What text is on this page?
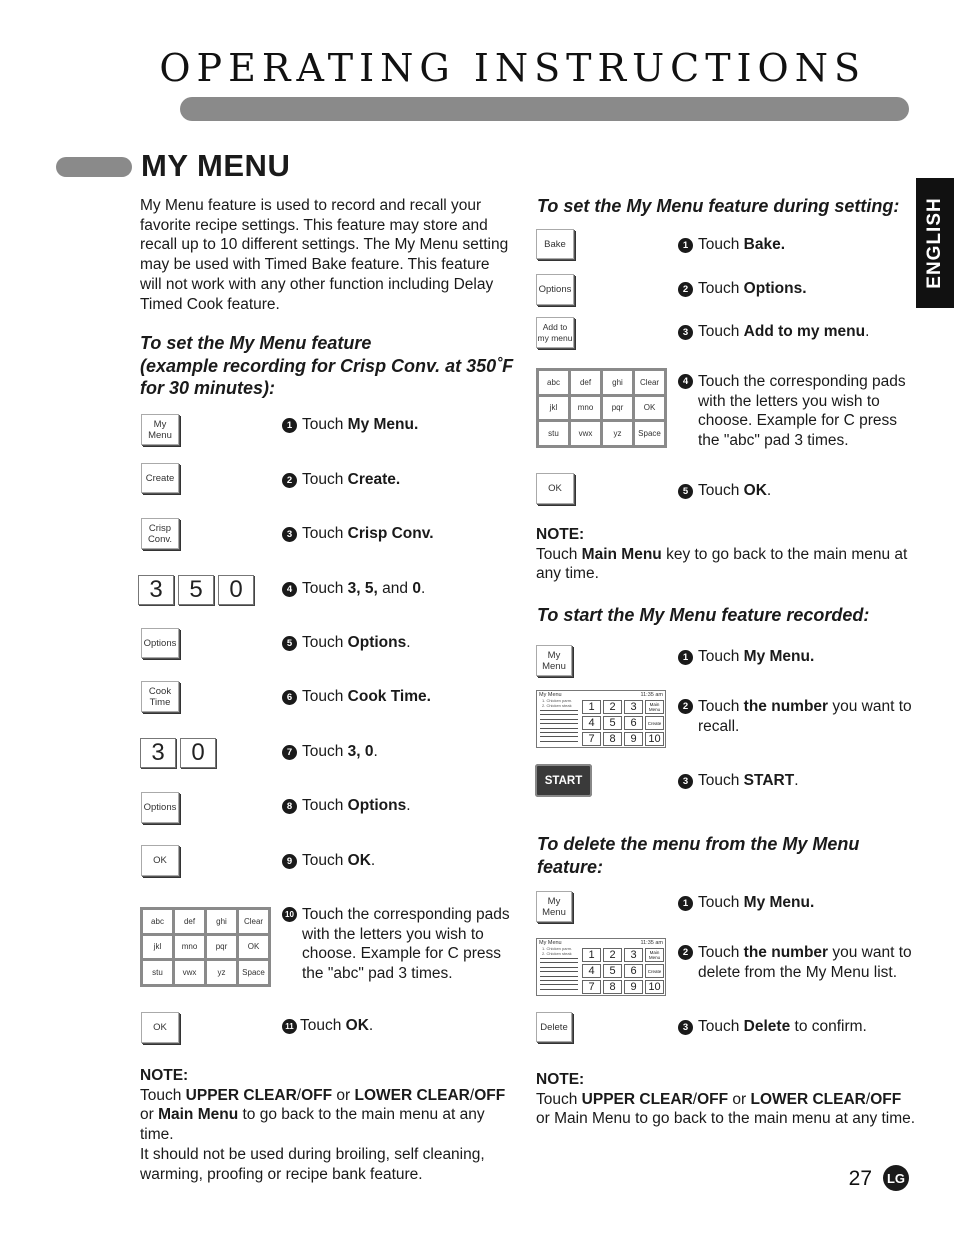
OPERATING INSTRUCTIONS
MY MENU
ENGLISH
My Menu feature is used to record and recall your favorite recipe settings. This feature may store and recall up to 10 different settings. The My Menu setting may be used with Timed Bake feature. This feature will not work with any other function including Delay Timed Cook feature.
To set the My Menu feature
(example recording for Crisp Conv. at 350˚F
for 30 minutes):
My Menu
Create
Crisp Conv.
3	5	0
Options
Cook Time
3	0
Options
OK
abc	def	ghi	Clear
jkl	mno	pqr	OK
stu	vwx	yz	Space
OK
1 Touch My Menu.
2 Touch Create.
3 Touch Crisp Conv.
4 Touch 3, 5, and 0.
5 Touch Options.
6 Touch Cook Time.
7 Touch 3, 0.
8 Touch Options.
9 Touch OK.
10 Touch the corresponding pads with the letters you wish to choose. Example for C press the "abc" pad 3 times.
11 Touch OK.
NOTE:
Touch UPPER CLEAR/OFF or LOWER CLEAR/OFF
or Main Menu to go back to the main menu at any time.
It should not be used during broiling, self cleaning, warming, proofing or recipe bank feature.
To set the My Menu feature during setting:
Bake
Options
Add to my menu
abc	def	ghi	Clear
jkl	mno	pqr	OK
stu	vwx	yz	Space
OK
1 Touch Bake.
2 Touch Options.
3 Touch Add to my menu.
4 Touch the corresponding pads with the letters you wish to choose. Example for C press the "abc" pad 3 times.
5 Touch OK.
NOTE:
Touch Main Menu key to go back to the main menu at any time.
To start the My Menu feature recorded:
My Menu
My Menu	11:35 am
1. Chicken parm.
2. Chicken steak	1	2	3	Main Menu
4	5	6	Create
7	8	9	10
START
1 Touch My Menu.
2 Touch the number you want to recall.
3 Touch START.
To delete the menu from the My Menu
feature:
My Menu
My Menu	11:35 am
1. Chicken parm.
2. Chicken steak	1	2	3	Main Menu
4	5	6	Create
7	8	9	10
Delete
1 Touch My Menu.
2 Touch the number you want to delete from the My Menu list.
3 Touch Delete to confirm.
NOTE:
Touch UPPER CLEAR/OFF or LOWER CLEAR/OFF
or Main Menu to go back to the main menu at any time.
27	LG
